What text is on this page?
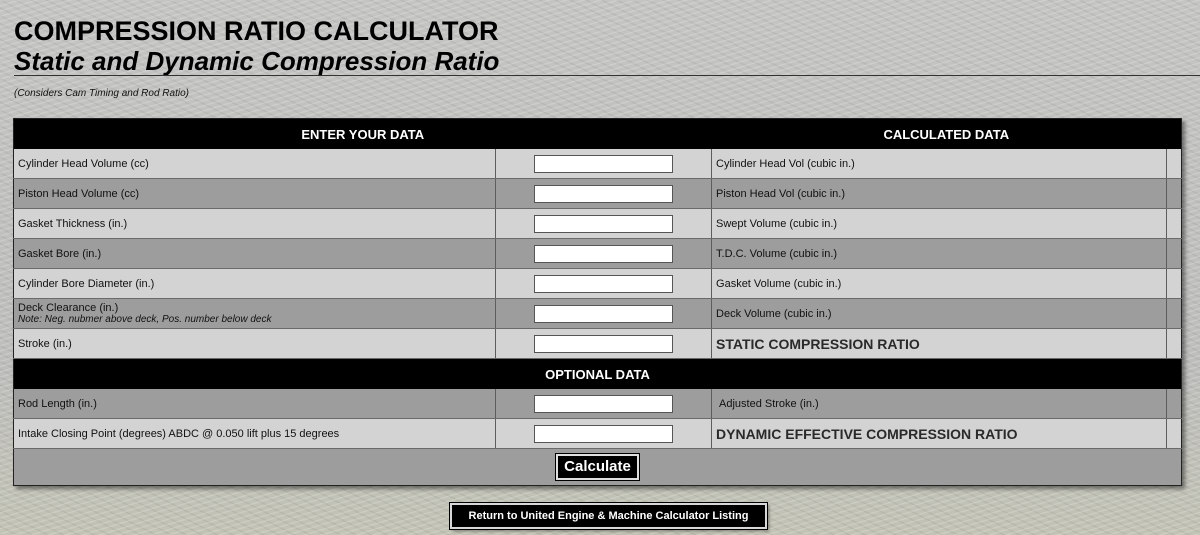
COMPRESSION RATIO CALCULATOR
Static and Dynamic Compression Ratio

(Considers Cam Timing and Rod Ratio)

ENTER YOUR DATA		CALCULATED DATA	
Cylinder Head Volume (cc)		Cylinder Head Vol (cubic in.)	
Piston Head Volume (cc)		Piston Head Vol (cubic in.)	
Gasket Thickness (in.)		Swept Volume (cubic in.)	
Gasket Bore (in.)		T.D.C. Volume (cubic in.)	
Cylinder Bore Diameter (in.)		Gasket Volume (cubic in.)	

Deck Clearance (in.)
Note: Neg. nubmer above deck, Pos. number below deck		Deck Volume (cubic in.)	
Stroke (in.)		STATIC COMPRESSION RATIO	
OPTIONAL DATA			
Rod Length (in.)		Adjusted Stroke (in.)	
Intake Closing Point (degrees) ABDC @ 0.050 lift plus 15 degrees		DYNAMIC EFFECTIVE COMPRESSION RATIO	
Calculate			
Return to United Engine & Machine Calculator Listing
